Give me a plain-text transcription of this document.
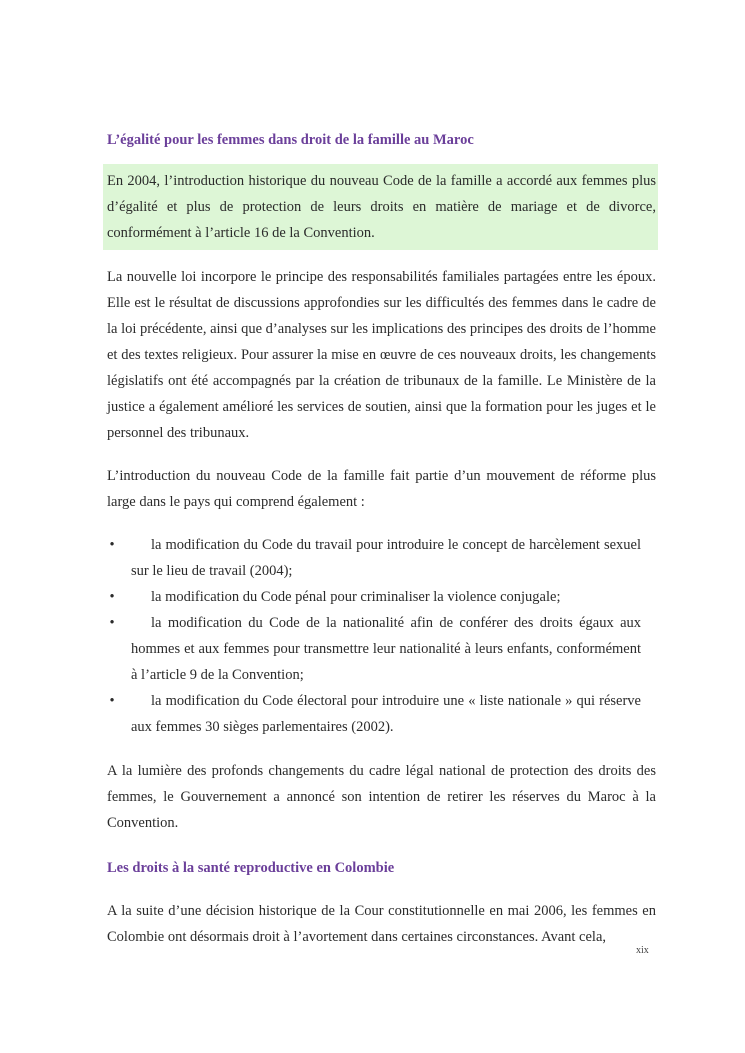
L’égalité pour les femmes dans droit de la famille au Maroc

En 2004, l’introduction historique du nouveau Code de la famille a accordé aux femmes plus d’égalité et plus de protection de leurs droits en matière de mariage et de divorce, conformément à l’article 16 de la Convention.

La nouvelle loi incorpore le principe des responsabilités familiales partagées entre les époux. Elle est le résultat de discussions approfondies sur les difficultés des femmes dans le cadre de la loi précédente, ainsi que d’analyses sur les implications des principes des droits de l’homme et des textes religieux. Pour assurer la mise en œuvre de ces nouveaux droits, les changements législatifs ont été accompagnés par la création de tribunaux de la famille. Le Ministère de la justice a également amélioré les services de soutien, ainsi que la formation pour les juges et le personnel des tribunaux.

L’introduction du nouveau Code de la famille fait partie d’un mouvement de réforme plus large dans le pays qui comprend également :

•	la modification du Code du travail pour introduire le concept de harcèlement sexuel sur le lieu de travail (2004);
•	la modification du Code pénal pour criminaliser la violence conjugale;
•	la modification du Code de la nationalité afin de conférer des droits égaux aux hommes et aux femmes pour transmettre leur nationalité à leurs enfants, conformément à l’article 9 de la Convention;
•	la modification du Code électoral pour introduire une « liste nationale » qui réserve aux femmes 30 sièges parlementaires (2002).

A la lumière des profonds changements du cadre légal national de protection des droits des femmes, le Gouvernement a annoncé son intention de retirer les réserves du Maroc à la Convention.

Les droits à la santé reproductive en Colombie

A la suite d’une décision historique de la Cour constitutionnelle en mai 2006, les femmes en Colombie ont désormais droit à l’avortement dans certaines circonstances. Avant cela,

xix
